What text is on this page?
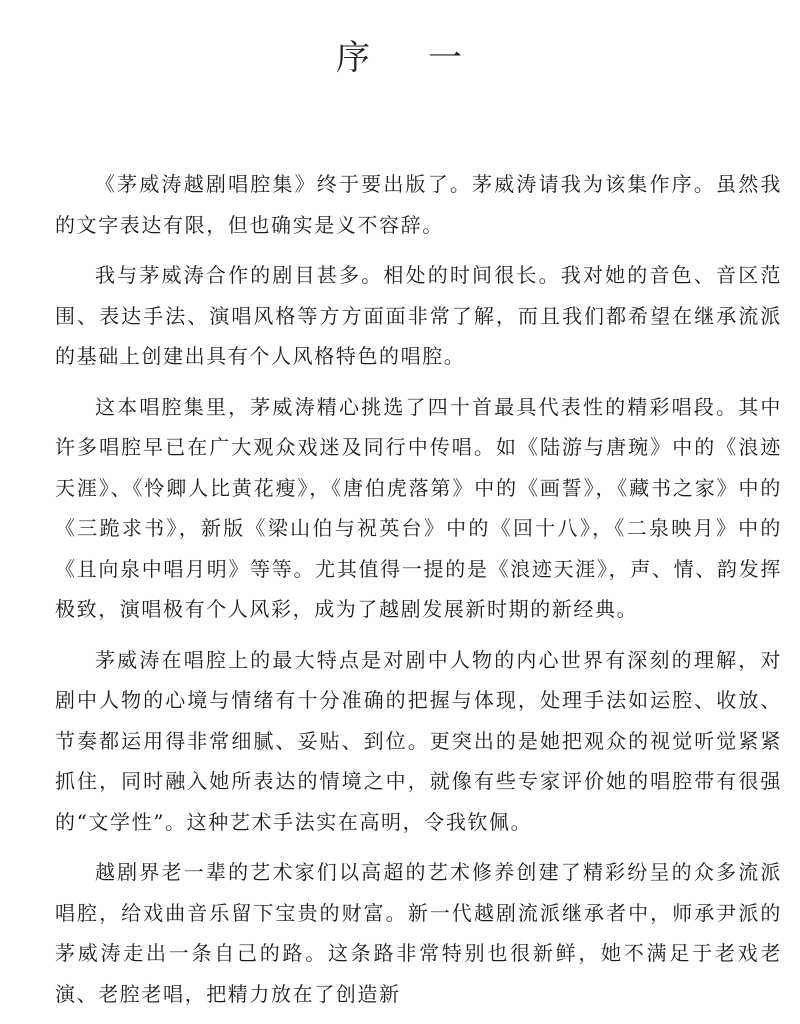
序 一

《茅威涛越剧唱腔集》终于要出版了。茅威涛请我为该集作序。虽然我的文字表达有限，但也确实是义不容辞。

我与茅威涛合作的剧目甚多。相处的时间很长。我对她的音色、音区范围、表达手法、演唱风格等方方面面非常了解，而且我们都希望在继承流派的基础上创建出具有个人风格特色的唱腔。

这本唱腔集里，茅威涛精心挑选了四十首最具代表性的精彩唱段。其中许多唱腔早已在广大观众戏迷及同行中传唱。如《陆游与唐琬》中的《浪迹天涯》、《怜卿人比黄花瘦》，《唐伯虎落第》中的《画誓》，《藏书之家》中的《三跪求书》，新版《梁山伯与祝英台》中的《回十八》，《二泉映月》中的《且向泉中唱月明》等等。尤其值得一提的是《浪迹天涯》，声、情、韵发挥极致，演唱极有个人风彩，成为了越剧发展新时期的新经典。

茅威涛在唱腔上的最大特点是对剧中人物的内心世界有深刻的理解，对剧中人物的心境与情绪有十分准确的把握与体现，处理手法如运腔、收放、节奏都运用得非常细腻、妥贴、到位。更突出的是她把观众的视觉听觉紧紧抓住，同时融入她所表达的情境之中，就像有些专家评价她的唱腔带有很强的“文学性”。这种艺术手法实在高明，令我钦佩。

越剧界老一辈的艺术家们以高超的艺术修养创建了精彩纷呈的众多流派唱腔，给戏曲音乐留下宝贵的财富。新一代越剧流派继承者中，师承尹派的茅威涛走出一条自己的路。这条路非常特别也很新鲜，她不满足于老戏老演、老腔老唱，把精力放在了创造新
